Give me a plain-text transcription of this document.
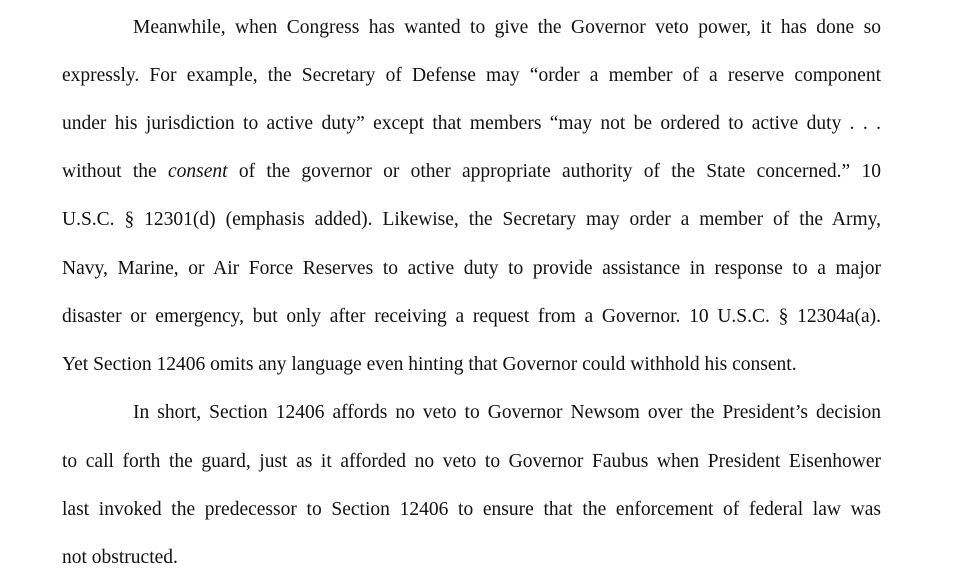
Meanwhile, when Congress has wanted to give the Governor veto power, it has done so
expressly. For example, the Secretary of Defense may “order a member of a reserve component
under his jurisdiction to active duty” except that members “may not be ordered to active duty . . .
without the consent of the governor or other appropriate authority of the State concerned.” 10
U.S.C. § 12301(d) (emphasis added). Likewise, the Secretary may order a member of the Army,
Navy, Marine, or Air Force Reserves to active duty to provide assistance in response to a major
disaster or emergency, but only after receiving a request from a Governor. 10 U.S.C. § 12304a(a).
Yet Section 12406 omits any language even hinting that Governor could withhold his consent.
In short, Section 12406 affords no veto to Governor Newsom over the President’s decision
to call forth the guard, just as it afforded no veto to Governor Faubus when President Eisenhower
last invoked the predecessor to Section 12406 to ensure that the enforcement of federal law was
not obstructed.
